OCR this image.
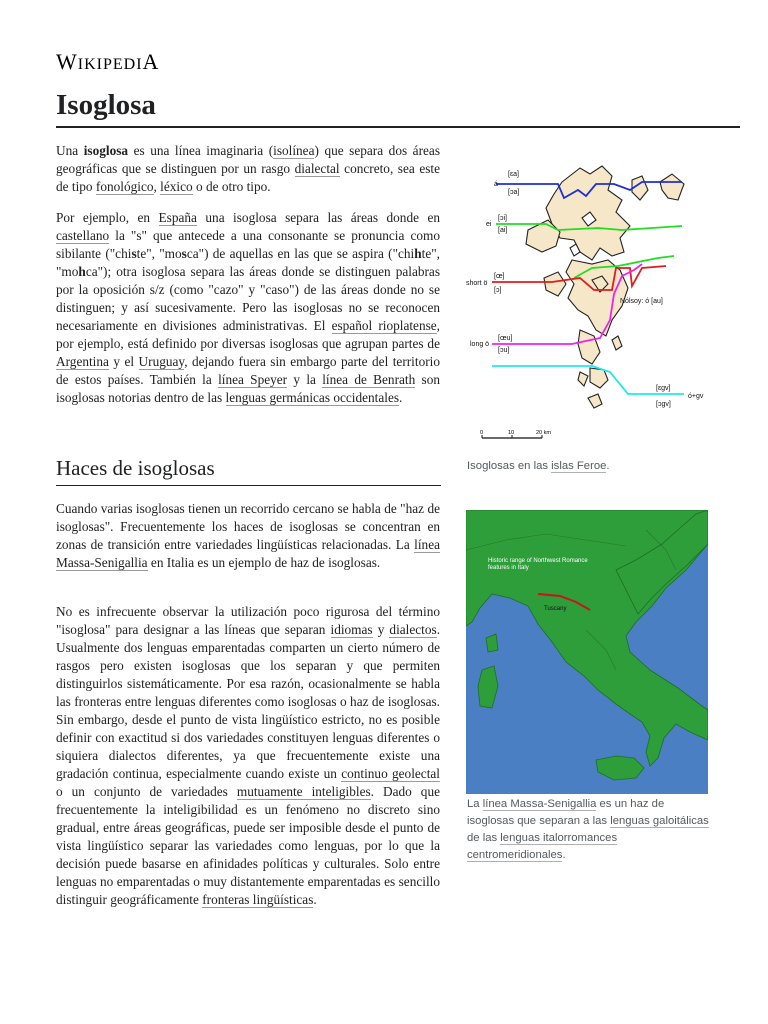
WIKIPEDIA
Isoglosa
Una isoglosa es una línea imaginaria (isolínea) que separa dos áreas geográficas que se distinguen por un rasgo dialectal concreto, sea este de tipo fonológico, léxico o de otro tipo.
Por ejemplo, en España una isoglosa separa las áreas donde en castellano la "s" que antecede a una consonante se pronuncia como sibilante ("chiste", "mosca") de aquellas en las que se aspira ("chihte", "mohca"); otra isoglosa separa las áreas donde se distinguen palabras por la oposición s/z (como "cazo" y "caso") de las áreas donde no se distinguen; y así sucesivamente. Pero las isoglosas no se reconocen necesariamente en divisiones administrativas. El español rioplatense, por ejemplo, está definido por diversas isoglosas que agrupan partes de Argentina y el Uruguay, dejando fuera sin embargo parte del territorio de estos países. También la línea Speyer y la línea de Benrath son isoglosas notorias dentro de las lenguas germánicas occidentales.
Haces de isoglosas
Cuando varias isoglosas tienen un recorrido cercano se habla de "haz de isoglosas". Frecuentemente los haces de isoglosas se concentran en zonas de transición entre variedades lingüísticas relacionadas. La línea Massa-Senigallia en Italia es un ejemplo de haz de isoglosas.
No es infrecuente observar la utilización poco rigurosa del término "isoglosa" para designar a las líneas que separan idiomas y dialectos. Usualmente dos lenguas emparentadas comparten un cierto número de rasgos pero existen isoglosas que los separan y que permiten distinguirlos sistemáticamente. Por esa razón, ocasionalmente se habla las fronteras entre lenguas diferentes como isoglosas o haz de isoglosas. Sin embargo, desde el punto de vista lingüístico estricto, no es posible definir con exactitud si dos variedades constituyen lenguas diferentes o siquiera dialectos diferentes, ya que frecuentemente existe una gradación continua, especialmente cuando existe un continuo geolectal o un conjunto de variedades mutuamente inteligibles. Dado que frecuentemente la inteligibilidad es un fenómeno no discreto sino gradual, entre áreas geográficas, puede ser imposible desde el punto de vista lingüístico separar las variedades como lenguas, por lo que la decisión puede basarse en afinidades políticas y culturales. Solo entre lenguas no emparentadas o muy distantemente emparentadas es sencillo distinguir geográficamente fronteras lingüísticas.
[ɛa]
[ɔa]
á
[ɔi]
[ai]
ei
[œ]
[ɔ]
short ö
Nólsoy: ó [au]
[œu]
[ɔu]
long ö
[ɛgv]
[ɔgv]
ó+gv
0	10	20 km
Isoglosas en las islas Feroe.
Historic range of Northwest Romance features in Italy
Tuscany
La línea Massa-Senigallia es un haz de isoglosas que separan a las lenguas galoitálicas de las lenguas italorromances centromeridionales.
